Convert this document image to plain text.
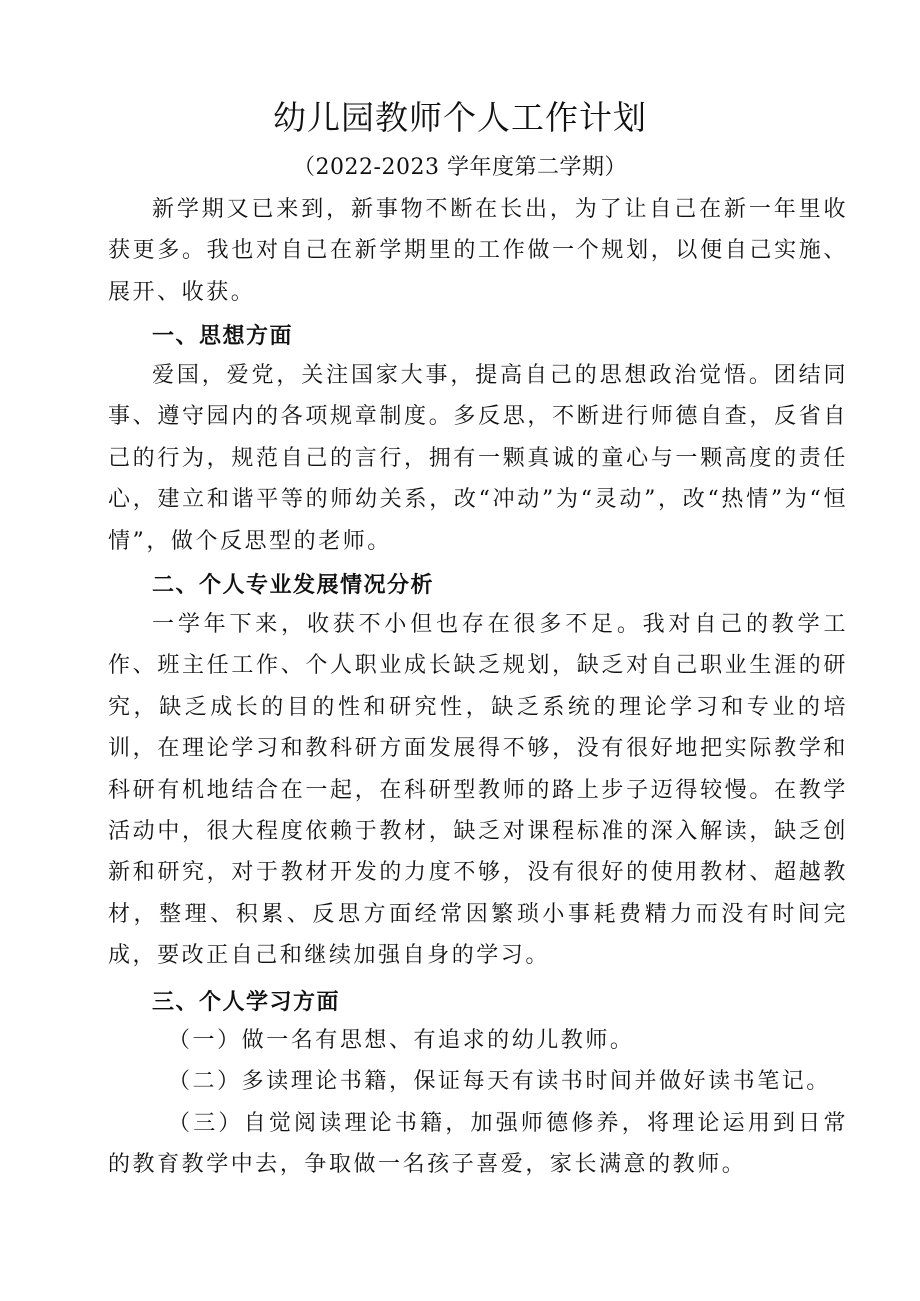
幼儿园教师个人工作计划
（2022-2023 学年度第二学期）

新学期又已来到，新事物不断在长出，为了让自己在新一年里收获更多。我也对自己在新学期里的工作做一个规划，以便自己实施、展开、收获。

一、思想方面

爱国，爱党，关注国家大事，提高自己的思想政治觉悟。团结同事、遵守园内的各项规章制度。多反思，不断进行师德自查，反省自己的行为，规范自己的言行，拥有一颗真诚的童心与一颗高度的责任心，建立和谐平等的师幼关系，改“冲动”为“灵动”，改“热情”为“恒情”，做个反思型的老师。

二、个人专业发展情况分析

一学年下来，收获不小但也存在很多不足。我对自己的教学工作、班主任工作、个人职业成长缺乏规划，缺乏对自己职业生涯的研究，缺乏成长的目的性和研究性，缺乏系统的理论学习和专业的培训，在理论学习和教科研方面发展得不够，没有很好地把实际教学和科研有机地结合在一起，在科研型教师的路上步子迈得较慢。在教学活动中，很大程度依赖于教材，缺乏对课程标准的深入解读，缺乏创新和研究，对于教材开发的力度不够，没有很好的使用教材、超越教材，整理、积累、反思方面经常因繁琐小事耗费精力而没有时间完成，要改正自己和继续加强自身的学习。

三、个人学习方面

（一）做一名有思想、有追求的幼儿教师。

（二）多读理论书籍，保证每天有读书时间并做好读书笔记。

（三）自觉阅读理论书籍，加强师德修养，将理论运用到日常的教育教学中去，争取做一名孩子喜爱，家长满意的教师。
